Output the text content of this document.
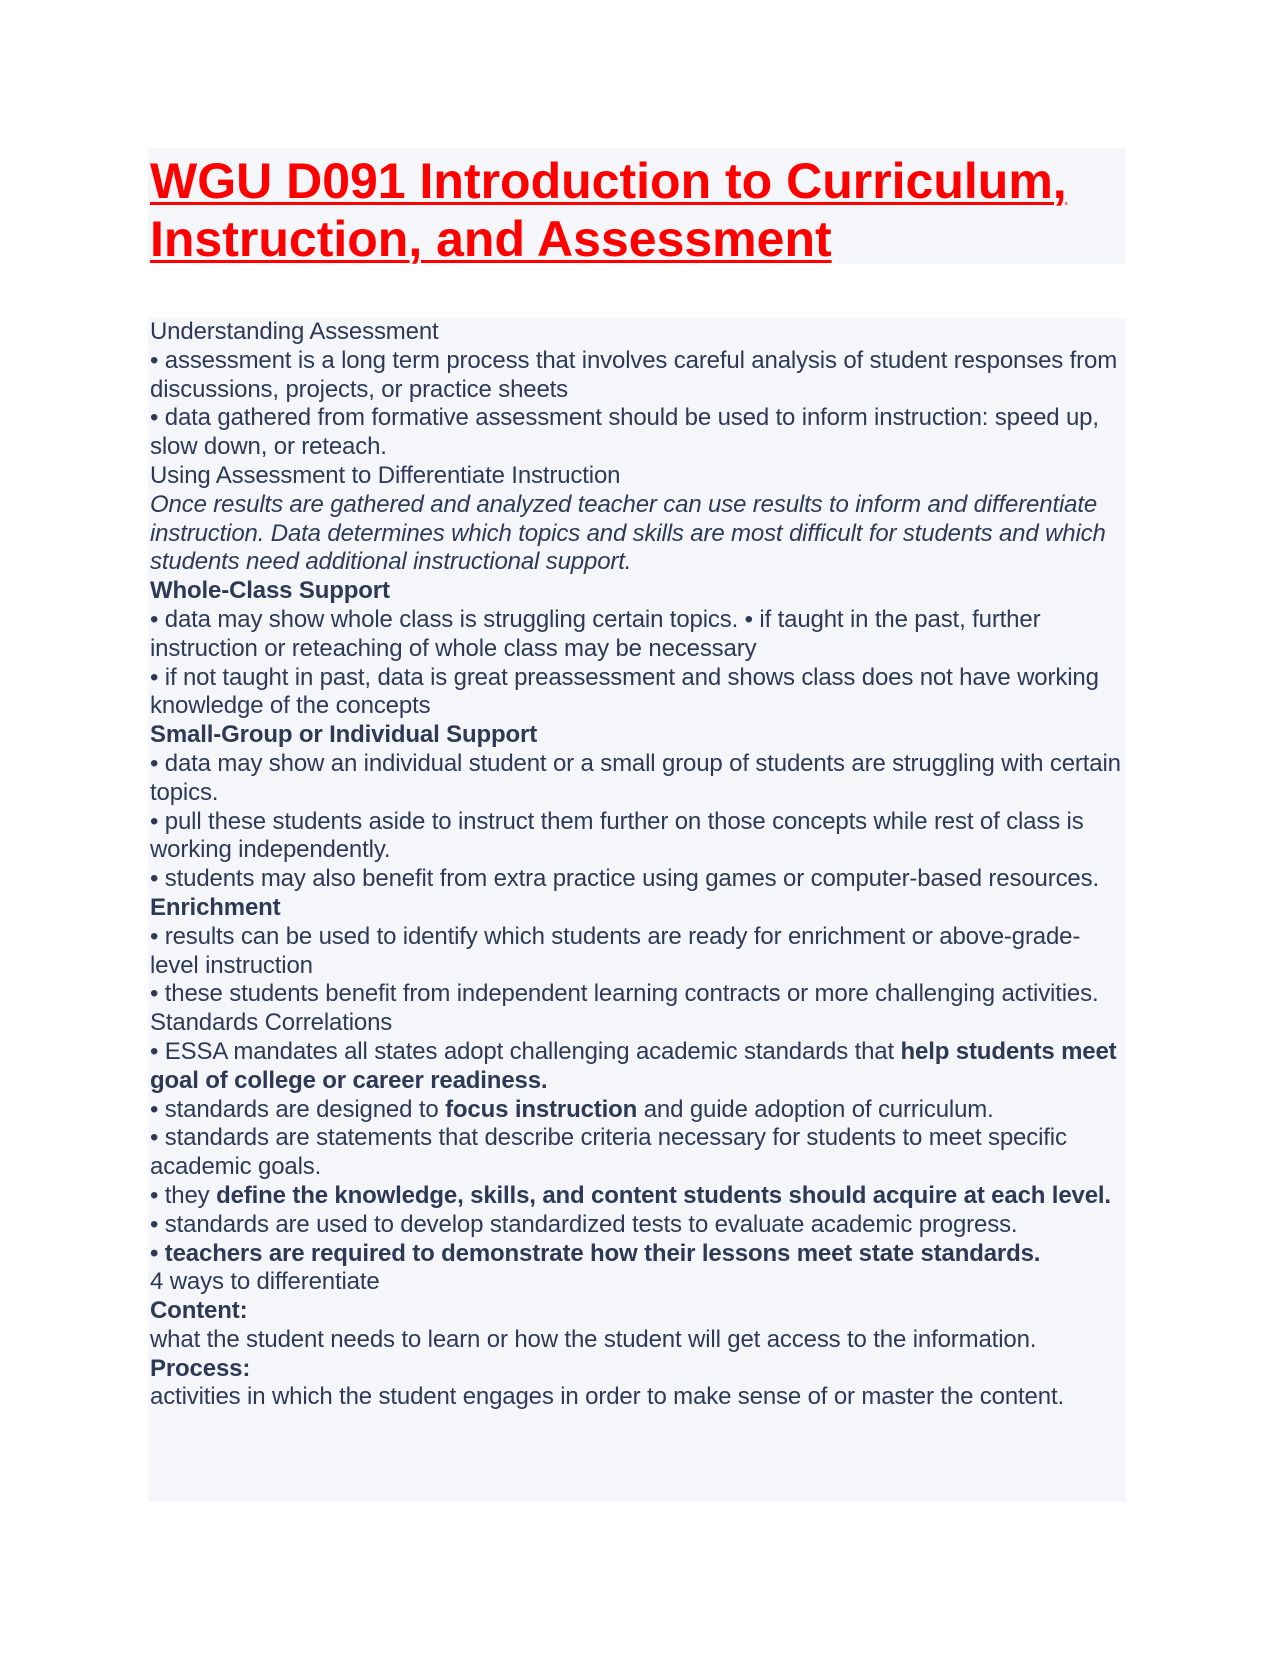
WGU D091 Introduction to Curriculum, Instruction, and Assessment

Understanding Assessment

• assessment is a long term process that involves careful analysis of student responses from discussions, projects, or practice sheets

• data gathered from formative assessment should be used to inform instruction: speed up, slow down, or reteach.

Using Assessment to Differentiate Instruction

Once results are gathered and analyzed teacher can use results to inform and differentiate instruction. Data determines which topics and skills are most difficult for students and which students need additional instructional support.

Whole-Class Support

• data may show whole class is struggling certain topics. • if taught in the past, further instruction or reteaching of whole class may be necessary

• if not taught in past, data is great preassessment and shows class does not have working knowledge of the concepts

Small-Group or Individual Support

• data may show an individual student or a small group of students are struggling with certain topics.

• pull these students aside to instruct them further on those concepts while rest of class is working independently.

• students may also benefit from extra practice using games or computer-based resources.

Enrichment

• results can be used to identify which students are ready for enrichment or above-grade-level instruction

• these students benefit from independent learning contracts or more challenging activities.

Standards Correlations

• ESSA mandates all states adopt challenging academic standards that help students meet goal of college or career readiness.

• standards are designed to focus instruction and guide adoption of curriculum.

• standards are statements that describe criteria necessary for students to meet specific academic goals.

• they define the knowledge, skills, and content students should acquire at each level.

• standards are used to develop standardized tests to evaluate academic progress.

• teachers are required to demonstrate how their lessons meet state standards.

4 ways to differentiate

Content:

what the student needs to learn or how the student will get access to the information.

Process:

activities in which the student engages in order to make sense of or master the content.
